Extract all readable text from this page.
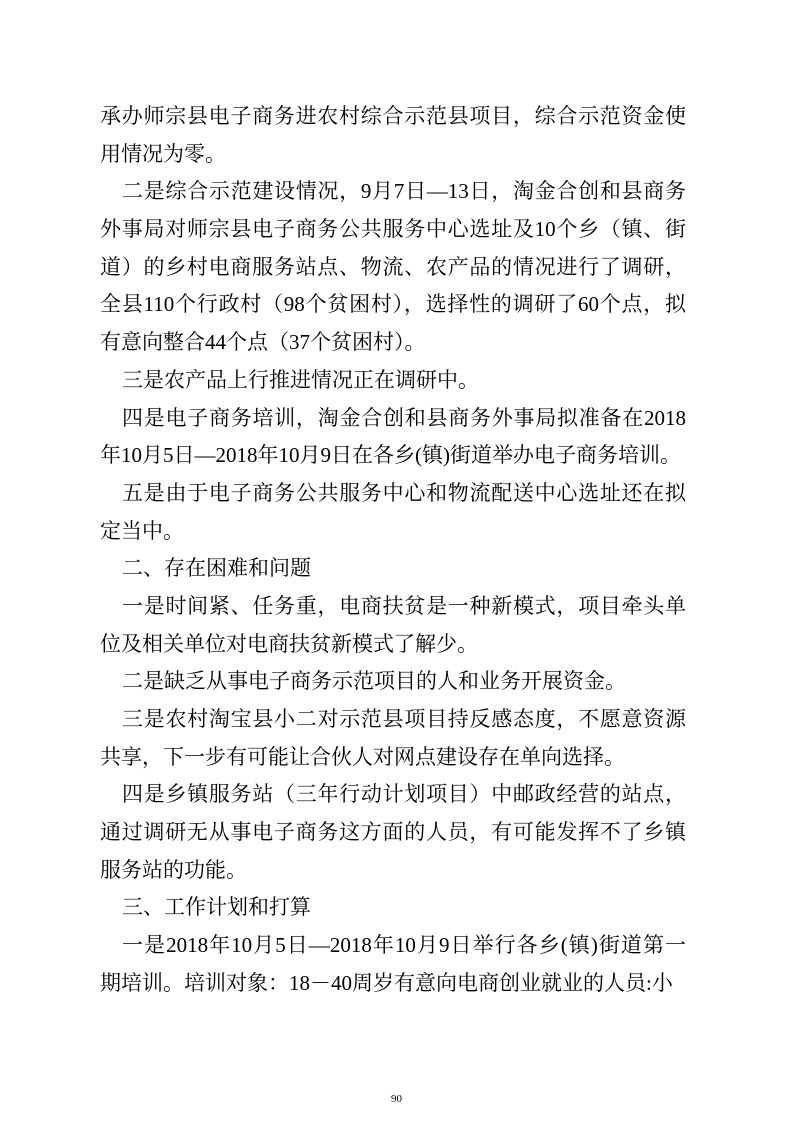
承办师宗县电子商务进农村综合示范县项目，综合示范资金使
用情况为零。
二是综合示范建设情况，9月7日—13日，淘金合创和县商务
外事局对师宗县电子商务公共服务中心选址及10个乡（镇、街
道）的乡村电商服务站点、物流、农产品的情况进行了调研，
全县110个行政村（98个贫困村），选择性的调研了60个点，拟
有意向整合44个点（37个贫困村）。
三是农产品上行推进情况正在调研中。
四是电子商务培训，淘金合创和县商务外事局拟准备在2018
年10月5日—2018年10月9日在各乡(镇)街道举办电子商务培训。
五是由于电子商务公共服务中心和物流配送中心选址还在拟
定当中。
二、存在困难和问题
一是时间紧、任务重，电商扶贫是一种新模式，项目牵头单
位及相关单位对电商扶贫新模式了解少。
二是缺乏从事电子商务示范项目的人和业务开展资金。
三是农村淘宝县小二对示范县项目持反感态度，不愿意资源
共享，下一步有可能让合伙人对网点建设存在单向选择。
四是乡镇服务站（三年行动计划项目）中邮政经营的站点，
通过调研无从事电子商务这方面的人员，有可能发挥不了乡镇
服务站的功能。
三、工作计划和打算
一是2018年10月5日—2018年10月9日举行各乡(镇)街道第一
期培训。培训对象：18－40周岁有意向电商创业就业的人员:小
90
